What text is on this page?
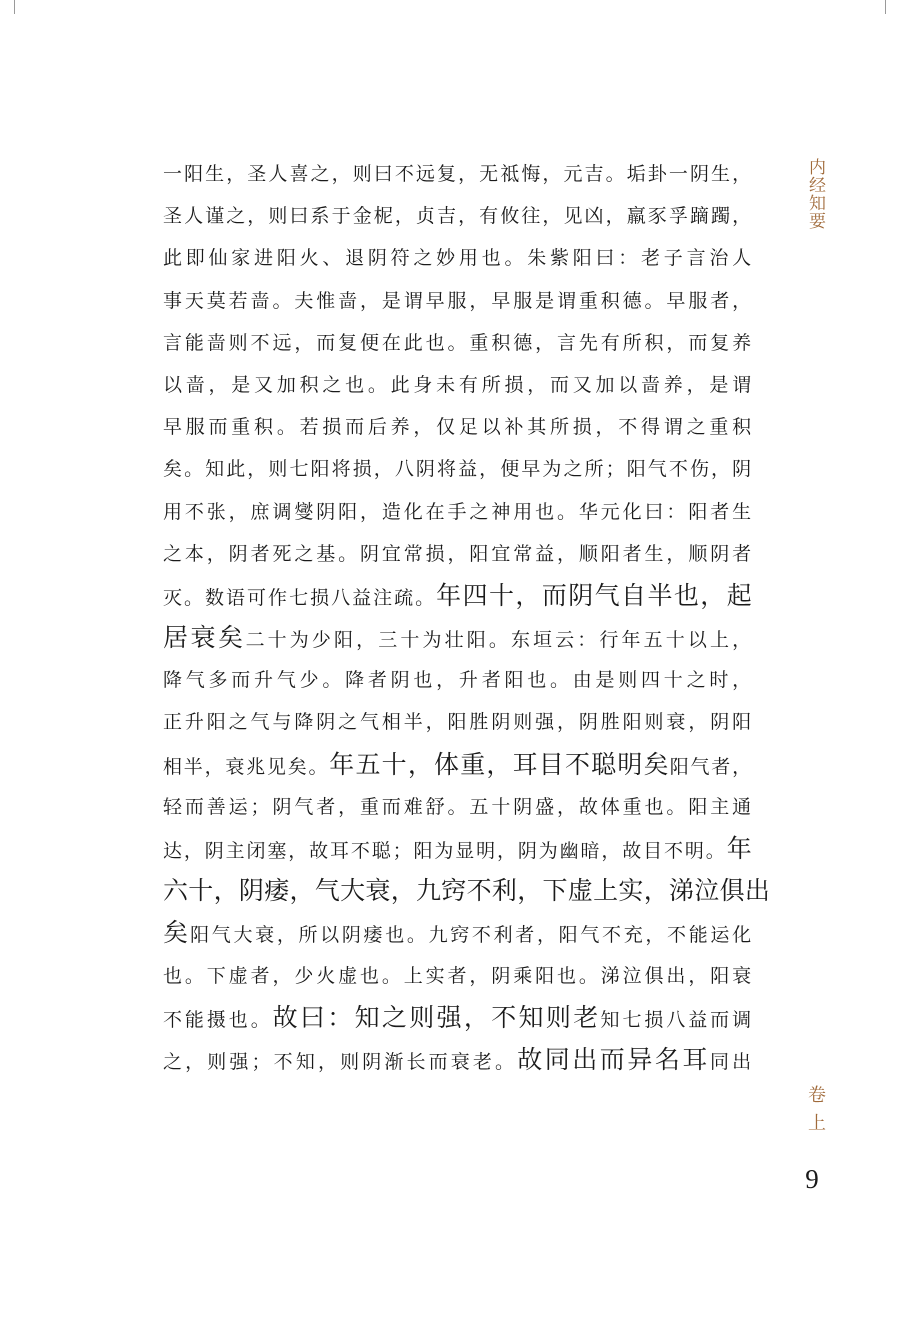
一阳生，圣人喜之，则曰不远复，无祗悔，元吉。垢卦一阴生，
圣人谨之，则曰系于金柅，贞吉，有攸往，见凶，羸豕孚蹢躅，
此即仙家进阳火、退阴符之妙用也。朱紫阳曰：老子言治人
事天莫若啬。夫惟啬，是谓早服，早服是谓重积德。早服者，
言能啬则不远，而复便在此也。重积德，言先有所积，而复养
以啬，是又加积之也。此身未有所损，而又加以啬养，是谓
早服而重积。若损而后养，仅足以补其所损，不得谓之重积
矣。知此，则七阳将损，八阴将益，便早为之所；阳气不伤，阴
用不张，庶调燮阴阳，造化在手之神用也。华元化曰：阳者生
之本，阴者死之基。阴宜常损，阳宜常益，顺阳者生，顺阴者
灭。数语可作七损八益注疏。年四十，而阴气自半也，起
居衰矣二十为少阳，三十为壮阳。东垣云：行年五十以上，
降气多而升气少。降者阴也，升者阳也。由是则四十之时，
正升阳之气与降阴之气相半，阳胜阴则强，阴胜阳则衰，阴阳
相半，衰兆见矣。年五十，体重，耳目不聪明矣阳气者，
轻而善运；阴气者，重而难舒。五十阴盛，故体重也。阳主通
达，阴主闭塞，故耳不聪；阳为显明，阴为幽暗，故目不明。年
六十，阴痿，气大衰，九窍不利，下虚上实，涕泣俱出
矣阳气大衰，所以阴痿也。九窍不利者，阳气不充，不能运化
也。下虚者，少火虚也。上实者，阴乘阳也。涕泣俱出，阳衰
不能摄也。故曰：知之则强，不知则老知七损八益而调
之，则强；不知，则阴渐长而衰老。故同出而异名耳同出
内经知要
卷上
9
